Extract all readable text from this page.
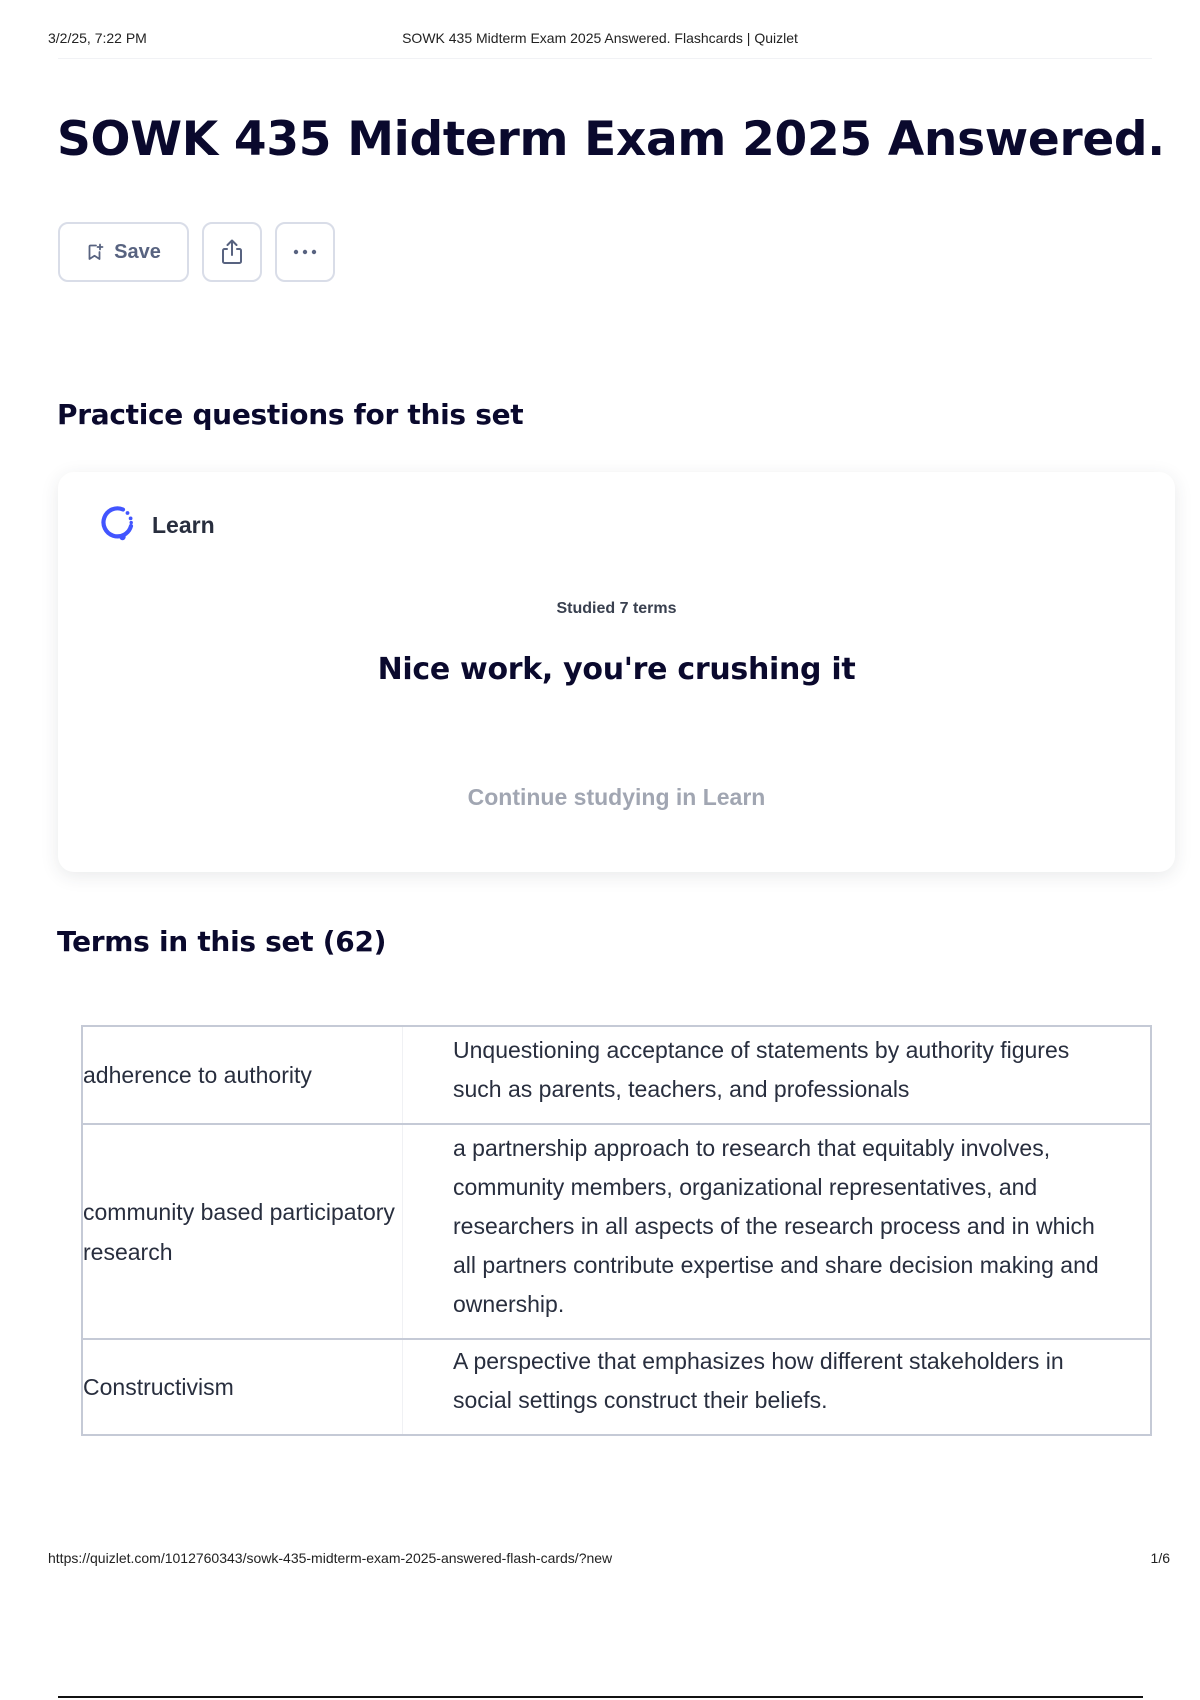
3/2/25, 7:22 PM	SOWK 435 Midterm Exam 2025 Answered. Flashcards | Quizlet
SOWK 435 Midterm Exam 2025 Answered.
Save
Practice questions for this set
Learn
Studied 7 terms
Nice work, you're crushing it
Continue studying in Learn
Terms in this set (62)
adherence to authority
Unquestioning acceptance of statements by authority figures such as parents, teachers, and professionals
community based participatory research
a partnership approach to research that equitably involves, community members, organizational representatives, and researchers in all aspects of the research process and in which all partners contribute expertise and share decision making and ownership.
Constructivism
A perspective that emphasizes how different stakeholders in social settings construct their beliefs.
https://quizlet.com/1012760343/sowk-435-midterm-exam-2025-answered-flash-cards/?new	1/6
